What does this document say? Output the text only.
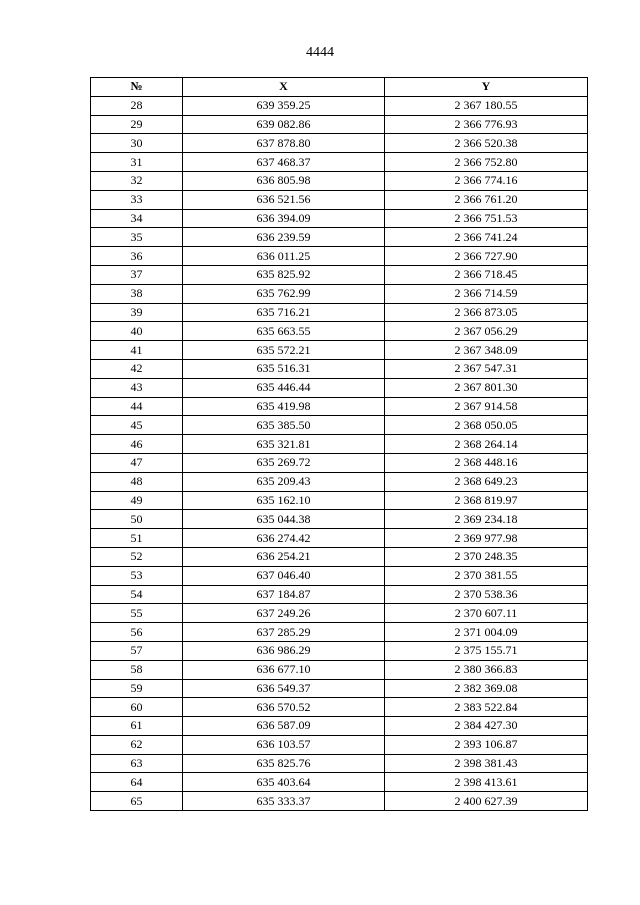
4444
№	X	Y
28	639 359.25	2 367 180.55
29	639 082.86	2 366 776.93
30	637 878.80	2 366 520.38
31	637 468.37	2 366 752.80
32	636 805.98	2 366 774.16
33	636 521.56	2 366 761.20
34	636 394.09	2 366 751.53
35	636 239.59	2 366 741.24
36	636 011.25	2 366 727.90
37	635 825.92	2 366 718.45
38	635 762.99	2 366 714.59
39	635 716.21	2 366 873.05
40	635 663.55	2 367 056.29
41	635 572.21	2 367 348.09
42	635 516.31	2 367 547.31
43	635 446.44	2 367 801.30
44	635 419.98	2 367 914.58
45	635 385.50	2 368 050.05
46	635 321.81	2 368 264.14
47	635 269.72	2 368 448.16
48	635 209.43	2 368 649.23
49	635 162.10	2 368 819.97
50	635 044.38	2 369 234.18
51	636 274.42	2 369 977.98
52	636 254.21	2 370 248.35
53	637 046.40	2 370 381.55
54	637 184.87	2 370 538.36
55	637 249.26	2 370 607.11
56	637 285.29	2 371 004.09
57	636 986.29	2 375 155.71
58	636 677.10	2 380 366.83
59	636 549.37	2 382 369.08
60	636 570.52	2 383 522.84
61	636 587.09	2 384 427.30
62	636 103.57	2 393 106.87
63	635 825.76	2 398 381.43
64	635 403.64	2 398 413.61
65	635 333.37	2 400 627.39
